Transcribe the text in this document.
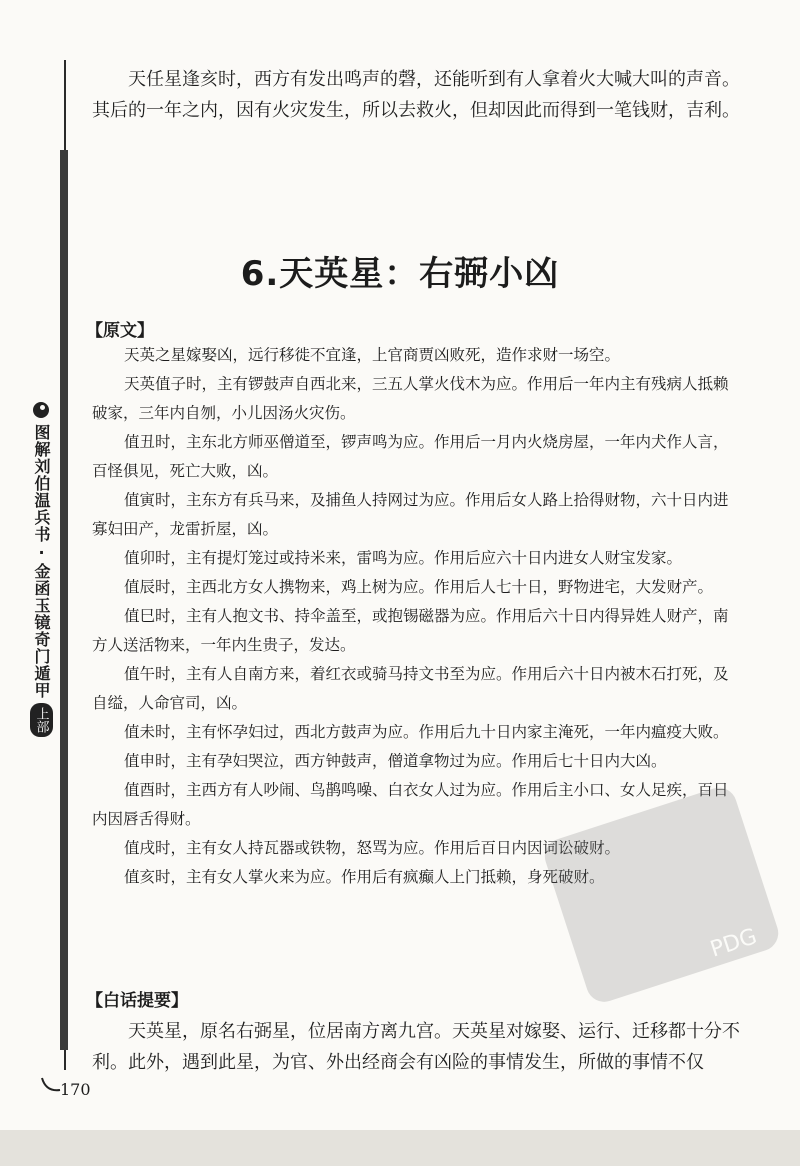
图解刘伯温兵书·金函玉镜奇门遁甲
上部

天任星逢亥时，西方有发出鸣声的磬，还能听到有人拿着火大喊大叫的声音。其后的一年之内，因有火灾发生，所以去救火，但却因此而得到一笔钱财，吉利。

6.天英星：右弼小凶
【原文】

天英之星嫁娶凶，远行移徙不宜逢，上官商贾凶败死，造作求财一场空。

天英值子时，主有锣鼓声自西北来，三五人掌火伐木为应。作用后一年内主有残病人抵赖破家，三年内自刎，小儿因汤火灾伤。

值丑时，主东北方师巫僧道至，锣声鸣为应。作用后一月内火烧房屋，一年内犬作人言，百怪俱见，死亡大败，凶。

值寅时，主东方有兵马来，及捕鱼人持网过为应。作用后女人路上拾得财物，六十日内进寡妇田产，龙雷折屋，凶。

值卯时，主有提灯笼过或持米来，雷鸣为应。作用后应六十日内进女人财宝发家。

值辰时，主西北方女人携物来，鸡上树为应。作用后人七十日，野物进宅，大发财产。

值巳时，主有人抱文书、持伞盖至，或抱锡磁器为应。作用后六十日内得异姓人财产，南方人送活物来，一年内生贵子，发达。

值午时，主有人自南方来，着红衣或骑马持文书至为应。作用后六十日内被木石打死，及自缢，人命官司，凶。

值未时，主有怀孕妇过，西北方鼓声为应。作用后九十日内家主淹死，一年内瘟疫大败。

值申时，主有孕妇哭泣，西方钟鼓声，僧道拿物过为应。作用后七十日内大凶。

值酉时，主西方有人吵闹、鸟鹊鸣噪、白衣女人过为应。作用后主小口、女人足疾，百日内因唇舌得财。

值戌时，主有女人持瓦器或铁物，怒骂为应。作用后百日内因词讼破财。

值亥时，主有女人掌火来为应。作用后有疯癫人上门抵赖，身死破财。

【白话提要】

天英星，原名右弼星，位居南方离九宫。天英星对嫁娶、运行、迁移都十分不利。此外，遇到此星，为官、外出经商会有凶险的事情发生，所做的事情不仅

PDG
170
